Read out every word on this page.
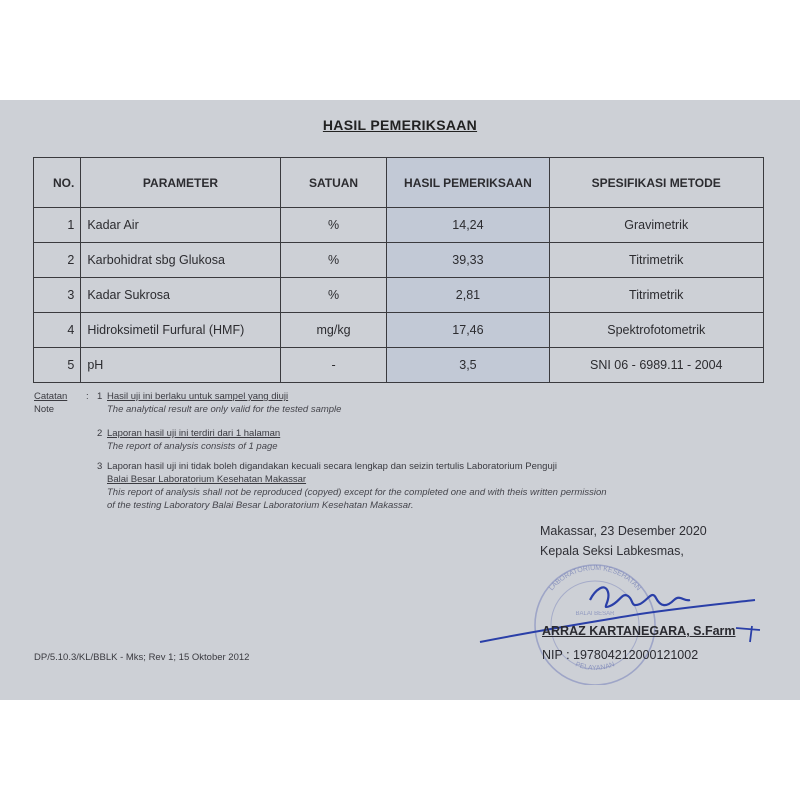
HASIL PEMERIKSAAN
NO.	PARAMETER	SATUAN	HASIL PEMERIKSAAN	SPESIFIKASI METODE
1	Kadar Air	%	14,24	Gravimetrik
2	Karbohidrat sbg Glukosa	%	39,33	Titrimetrik
3	Kadar Sukrosa	%	2,81	Titrimetrik
4	Hidroksimetil Furfural (HMF)	mg/kg	17,46	Spektrofotometrik
5	pH	-	3,5	SNI 06 - 6989.11 - 2004
Catatan
Note
: 1 Hasil uji ini berlaku untuk sampel yang diuji
The analytical result are only valid for the tested sample
2 Laporan hasil uji ini terdiri dari 1 halaman
The report of analysis consists of 1 page
3 Laporan hasil uji ini tidak boleh digandakan kecuali secara lengkap dan seizin tertulis Laboratorium Penguji
Balai Besar Laboratorium Kesehatan Makassar
This report of analysis shall not be reproduced (copyed) except for the completed one and with theis written permission
of the testing Laboratory Balai Besar Laboratorium Kesehatan Makassar.
LABORATORIUM KESEHATAN
BALAI BESAR
PELAYANAN
Makassar, 23 Desember 2020
Kepala Seksi Labkesmas,
ARRAZ KARTANEGARA, S.Farm
NIP : 197804212000121002
DP/5.10.3/KL/BBLK - Mks; Rev 1; 15 Oktober 2012
